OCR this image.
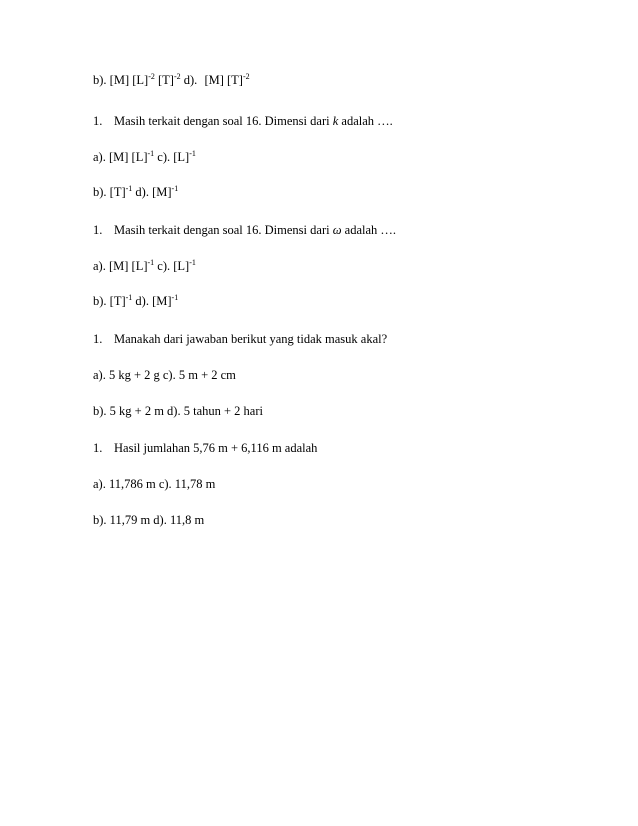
b). [M] $[L]^{-2}$ $[T]^{-2}$ d). [M] $[T]^{-2}$
1. Masih terkait dengan soal 16. Dimensi dari k adalah ….
a). [M] $[L]^{-1}$ c). $[L]^{-1}$
b). $[T]^{-1}$ d). $[M]^{-1}$
1. Masih terkait dengan soal 16. Dimensi dari ω adalah ….
a). [M] $[L]^{-1}$ c). $[L]^{-1}$
b). $[T]^{-1}$ d). $[M]^{-1}$
1. Manakah dari jawaban berikut yang tidak masuk akal?
a). 5 kg + 2 g c). 5 m + 2 cm
b). 5 kg + 2 m d). 5 tahun + 2 hari
1. Hasil jumlahan 5,76 m + 6,116 m adalah
a). 11,786 m c). 11,78 m
b). 11,79 m d). 11,8 m
